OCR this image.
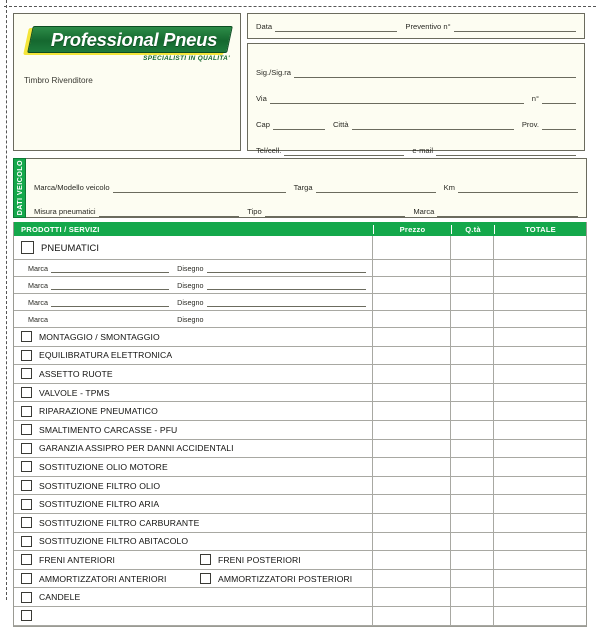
Professional Pneus
SPECIALISTI IN QUALITA'
Timbro Rivenditore
Data	Preventivo n°
Sig./Sig.ra
Via	n°
Cap	Città	Prov.
Tel/cell.	e-mail
DATI VEICOLO Marca/Modello veicolo	Targa	Km
Misura pneumatici	Tipo	Marca
PRODOTTI / SERVIZI	Prezzo	Q.tà	TOTALE
PNEUMATICI
Marca	Disegno
Marca	Disegno
Marca	Disegno
Marca	Disegno
MONTAGGIO / SMONTAGGIO
EQUILIBRATURA ELETTRONICA
ASSETTO RUOTE
VALVOLE - TPMS
RIPARAZIONE PNEUMATICO
SMALTIMENTO CARCASSE - PFU
GARANZIA ASSIPRO PER DANNI ACCIDENTALI
SOSTITUZIONE OLIO MOTORE
SOSTITUZIONE FILTRO OLIO
SOSTITUZIONE FILTRO ARIA
SOSTITUZIONE FILTRO CARBURANTE
SOSTITUZIONE FILTRO ABITACOLO
FRENI ANTERIORI	FRENI POSTERIORI
AMMORTIZZATORI ANTERIORI	AMMORTIZZATORI POSTERIORI
CANDELE
